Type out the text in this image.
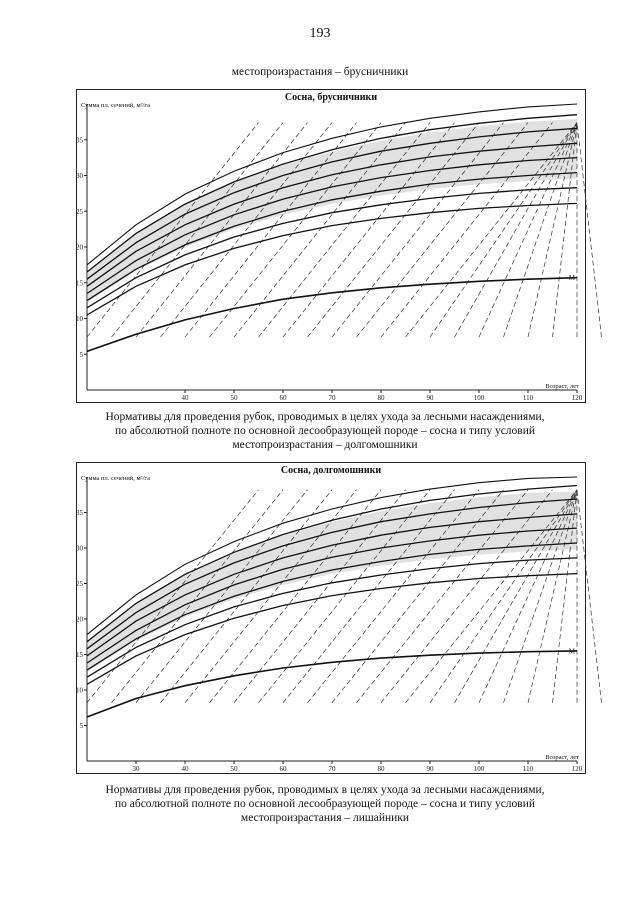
193
местопроизрастания – брусничники
Сосна, брусничники
Сумма пл. сечений, м²/га
Возраст, лет
40	50	60	70	80	90	100	110	120
5
10
15
20
25
30
35
М
Нормативы для проведения рубок, проводимых в целях ухода за лесными насаждениями,
по абсолютной полноте по основной лесообразующей породе – сосна и типу условий
местопроизрастания – долгомошники
Сосна, долгомошники
Сумма пл. сечений, м²/га
Возраст, лет
30	40	50	60	70	80	90	100	110	120
5
10
15
20
25
30
35
М
Нормативы для проведения рубок, проводимых в целях ухода за лесными насаждениями,
по абсолютной полноте по основной лесообразующей породе – сосна и типу условий
местопроизрастания – лишайники
